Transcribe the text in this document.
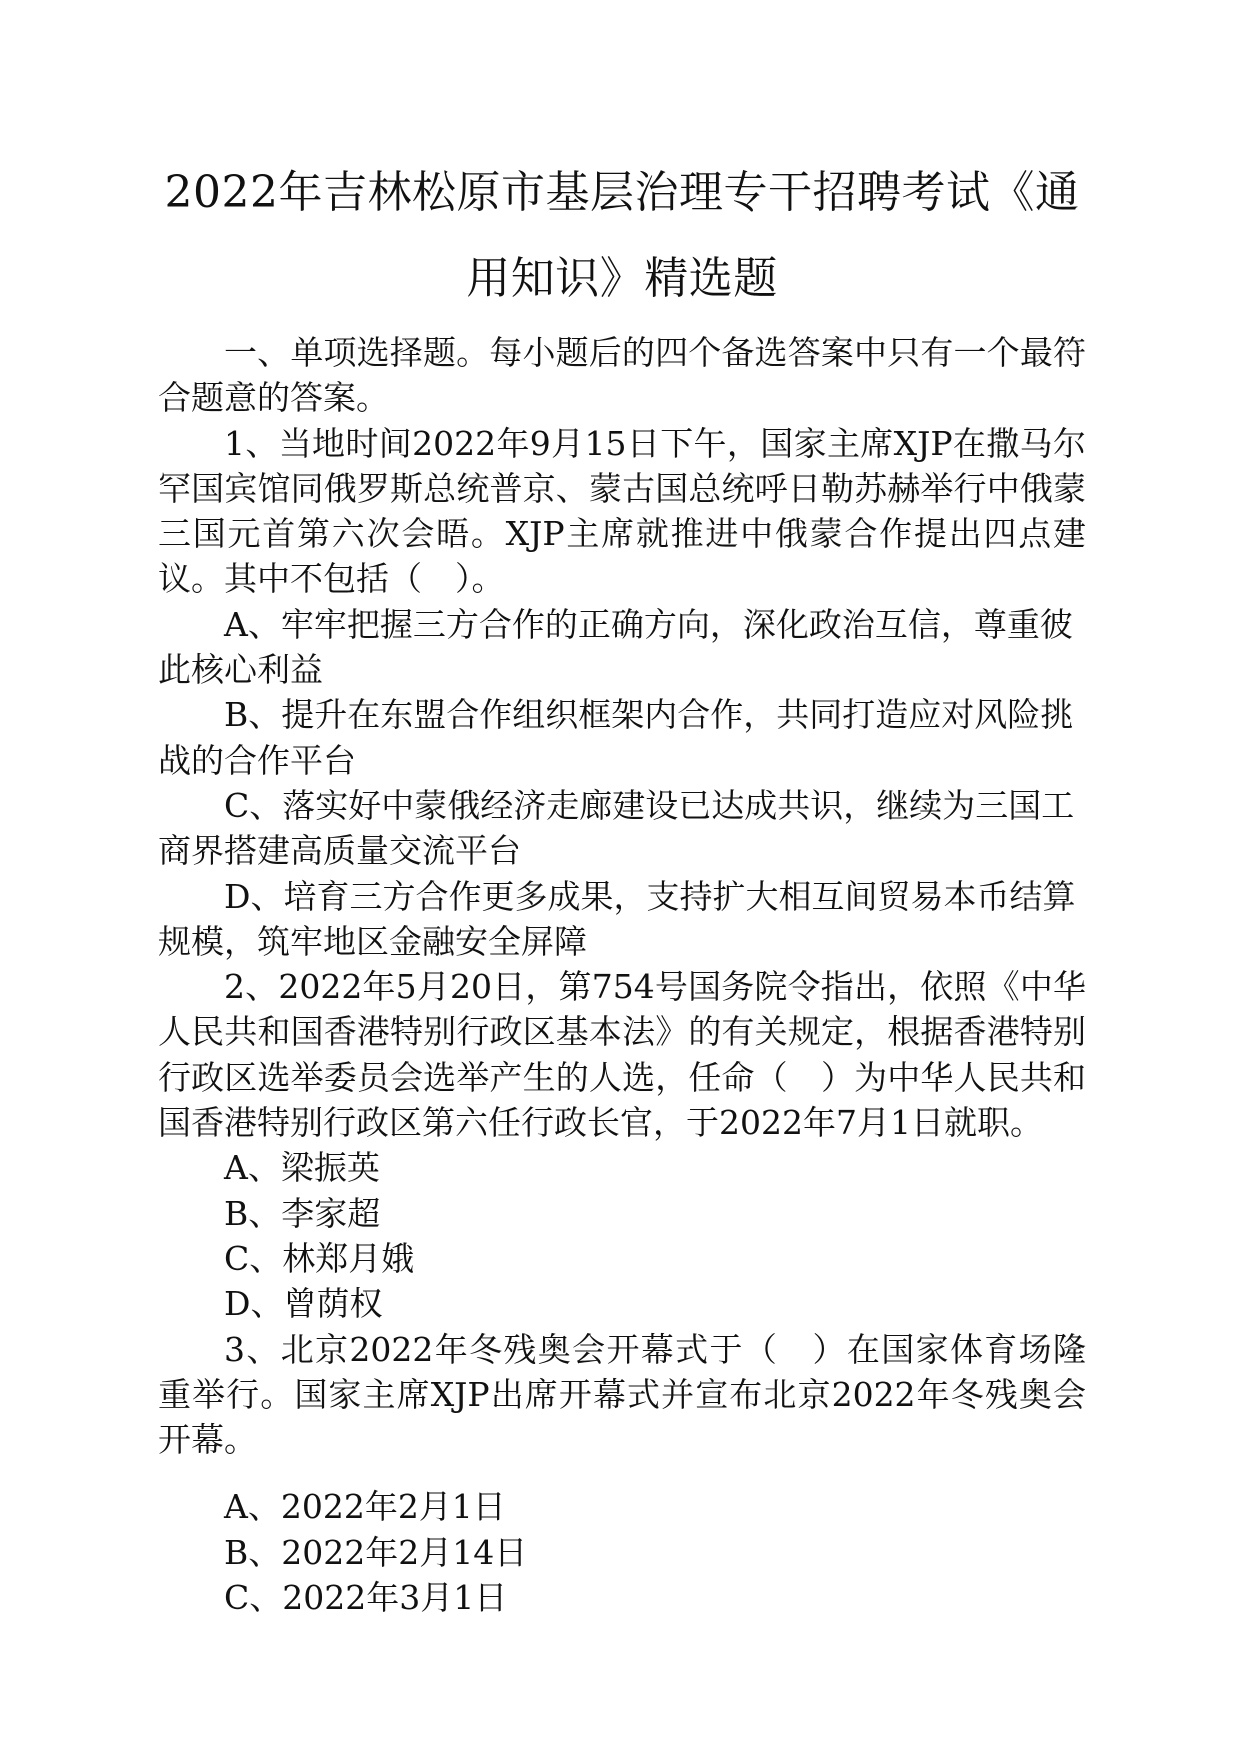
2022年吉林松原市基层治理专干招聘考试《通用知识》精选题

一、单项选择题。每小题后的四个备选答案中只有一个最符合题意的答案。

1、当地时间2022年9月15日下午，国家主席XJP在撒马尔罕国宾馆同俄罗斯总统普京、蒙古国总统呼日勒苏赫举行中俄蒙三国元首第六次会晤。XJP主席就推进中俄蒙合作提出四点建议。其中不包括（　）。

A、牢牢把握三方合作的正确方向，深化政治互信，尊重彼此核心利益

B、提升在东盟合作组织框架内合作，共同打造应对风险挑战的合作平台

C、落实好中蒙俄经济走廊建设已达成共识，继续为三国工商界搭建高质量交流平台

D、培育三方合作更多成果，支持扩大相互间贸易本币结算规模，筑牢地区金融安全屏障

2、2022年5月20日，第754号国务院令指出，依照《中华人民共和国香港特别行政区基本法》的有关规定，根据香港特别行政区选举委员会选举产生的人选，任命（　）为中华人民共和国香港特别行政区第六任行政长官，于2022年7月1日就职。

A、梁振英

B、李家超

C、林郑月娥

D、曾荫权

3、北京2022年冬残奥会开幕式于（　）在国家体育场隆重举行。国家主席XJP出席开幕式并宣布北京2022年冬残奥会开幕。

A、2022年2月1日

B、2022年2月14日

C、2022年3月1日
